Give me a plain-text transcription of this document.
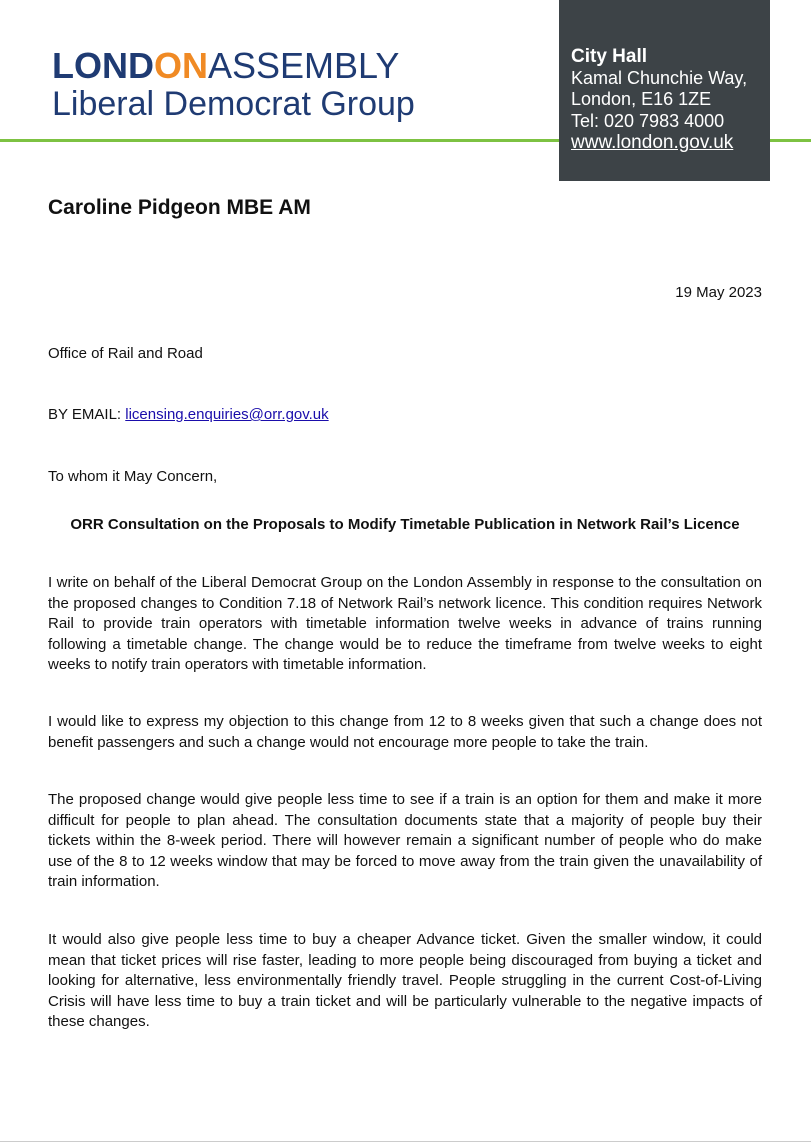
LONDONASSEMBLY
Liberal Democrat Group
City Hall
Kamal Chunchie Way,
London, E16 1ZE
Tel: 020 7983 4000
www.london.gov.uk
Caroline Pidgeon MBE AM
19 May 2023
Office of Rail and Road
BY EMAIL: licensing.enquiries@orr.gov.uk
To whom it May Concern,
ORR Consultation on the Proposals to Modify Timetable Publication in Network Rail’s Licence

I write on behalf of the Liberal Democrat Group on the London Assembly in response to the consultation on the proposed changes to Condition 7.18 of Network Rail’s network licence. This condition requires Network Rail to provide train operators with timetable information twelve weeks in advance of trains running following a timetable change. The change would be to reduce the timeframe from twelve weeks to eight weeks to notify train operators with timetable information.

I would like to express my objection to this change from 12 to 8 weeks given that such a change does not benefit passengers and such a change would not encourage more people to take the train.

The proposed change would give people less time to see if a train is an option for them and make it more difficult for people to plan ahead. The consultation documents state that a majority of people buy their tickets within the 8-week period. There will however remain a significant number of people who do make use of the 8 to 12 weeks window that may be forced to move away from the train given the unavailability of train information.

It would also give people less time to buy a cheaper Advance ticket. Given the smaller window, it could mean that ticket prices will rise faster, leading to more people being discouraged from buying a ticket and looking for alternative, less environmentally friendly travel. People struggling in the current Cost-of-Living Crisis will have less time to buy a train ticket and will be particularly vulnerable to the negative impacts of these changes.
